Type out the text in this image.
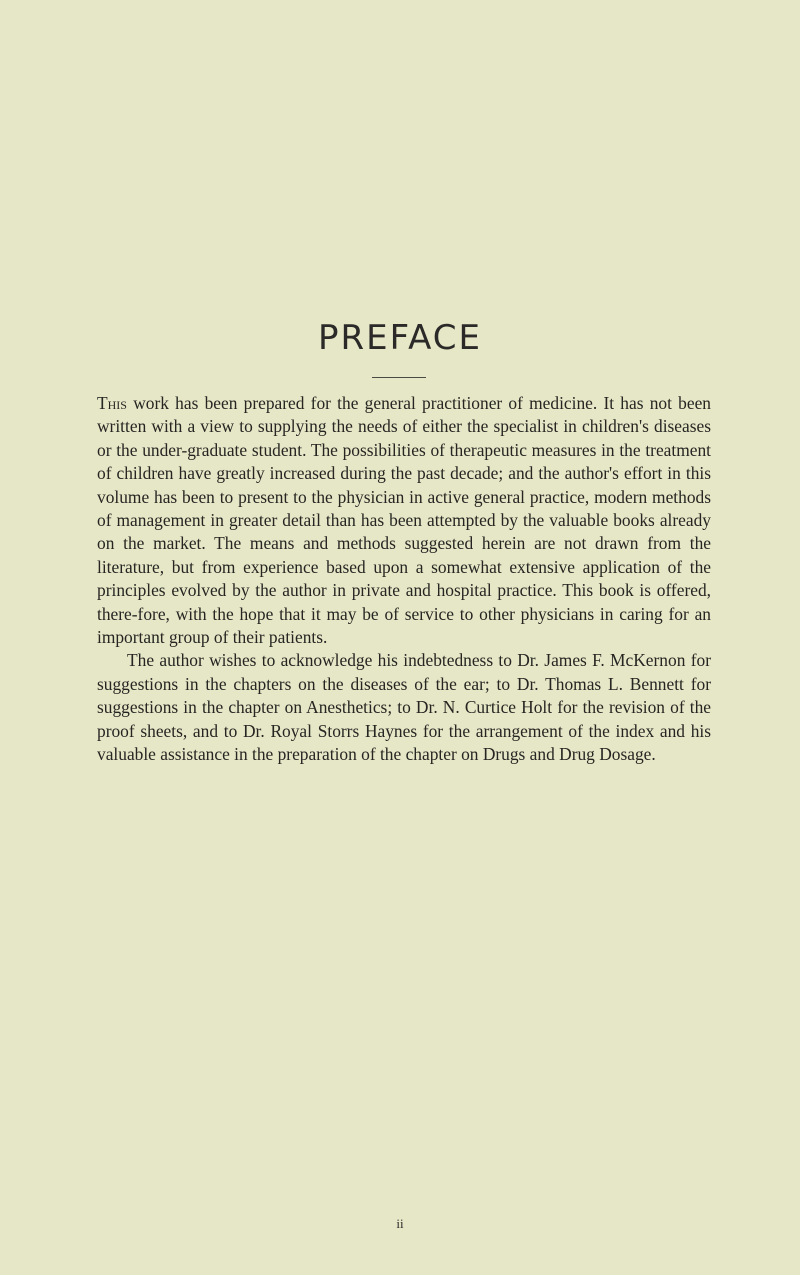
PREFACE

This work has been prepared for the general practitioner of medicine. It has not been written with a view to supplying the needs of either the specialist in children's diseases or the under-graduate student. The possibilities of therapeutic measures in the treatment of children have greatly increased during the past decade; and the author's effort in this volume has been to present to the physician in active general practice, modern methods of management in greater detail than has been attempted by the valuable books already on the market. The means and methods suggested herein are not drawn from the literature, but from experience based upon a somewhat extensive application of the principles evolved by the author in private and hospital practice. This book is offered, there-fore, with the hope that it may be of service to other physicians in caring for an important group of their patients.

The author wishes to acknowledge his indebtedness to Dr. James F. McKernon for suggestions in the chapters on the diseases of the ear; to Dr. Thomas L. Bennett for suggestions in the chapter on Anesthetics; to Dr. N. Curtice Holt for the revision of the proof sheets, and to Dr. Royal Storrs Haynes for the arrangement of the index and his valuable assistance in the preparation of the chapter on Drugs and Drug Dosage.

ii
